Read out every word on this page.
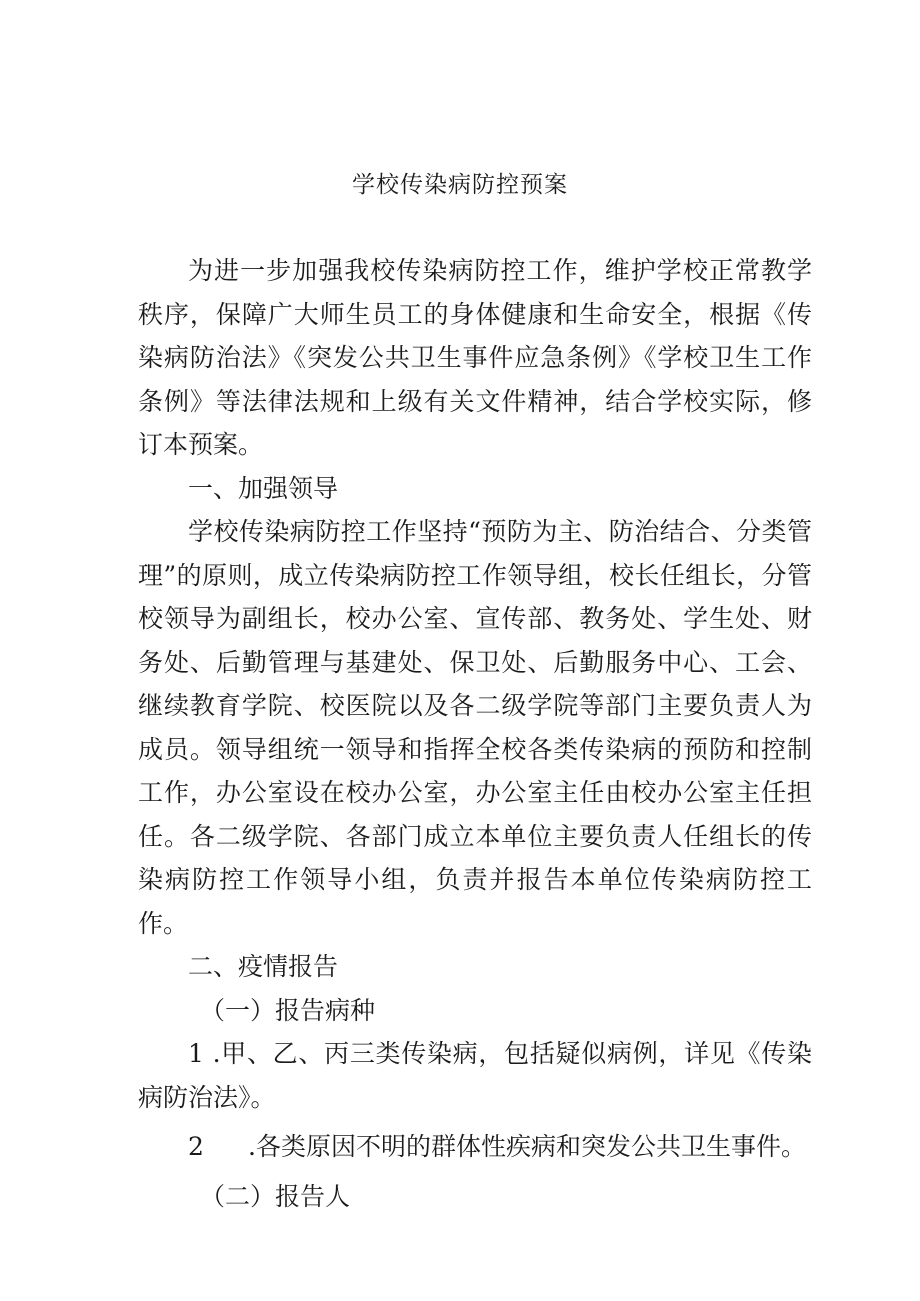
学校传染病防控预案

为进一步加强我校传染病防控工作，维护学校正常教学秩序，保障广大师生员工的身体健康和生命安全，根据《传染病防治法》《突发公共卫生事件应急条例》《学校卫生工作条例》等法律法规和上级有关文件精神，结合学校实际，修订本预案。

一、加强领导

学校传染病防控工作坚持“预防为主、防治结合、分类管理”的原则，成立传染病防控工作领导组，校长任组长，分管校领导为副组长，校办公室、宣传部、教务处、学生处、财务处、后勤管理与基建处、保卫处、后勤服务中心、工会、继续教育学院、校医院以及各二级学院等部门主要负责人为成员。领导组统一领导和指挥全校各类传染病的预防和控制工作，办公室设在校办公室，办公室主任由校办公室主任担任。各二级学院、各部门成立本单位主要负责人任组长的传染病防控工作领导小组，负责并报告本单位传染病防控工作。

二、疫情报告

（一）报告病种

1 .甲、乙、丙三类传染病，包括疑似病例，详见《传染病防治法》。

2 .各类原因不明的群体性疾病和突发公共卫生事件。

（二）报告人
